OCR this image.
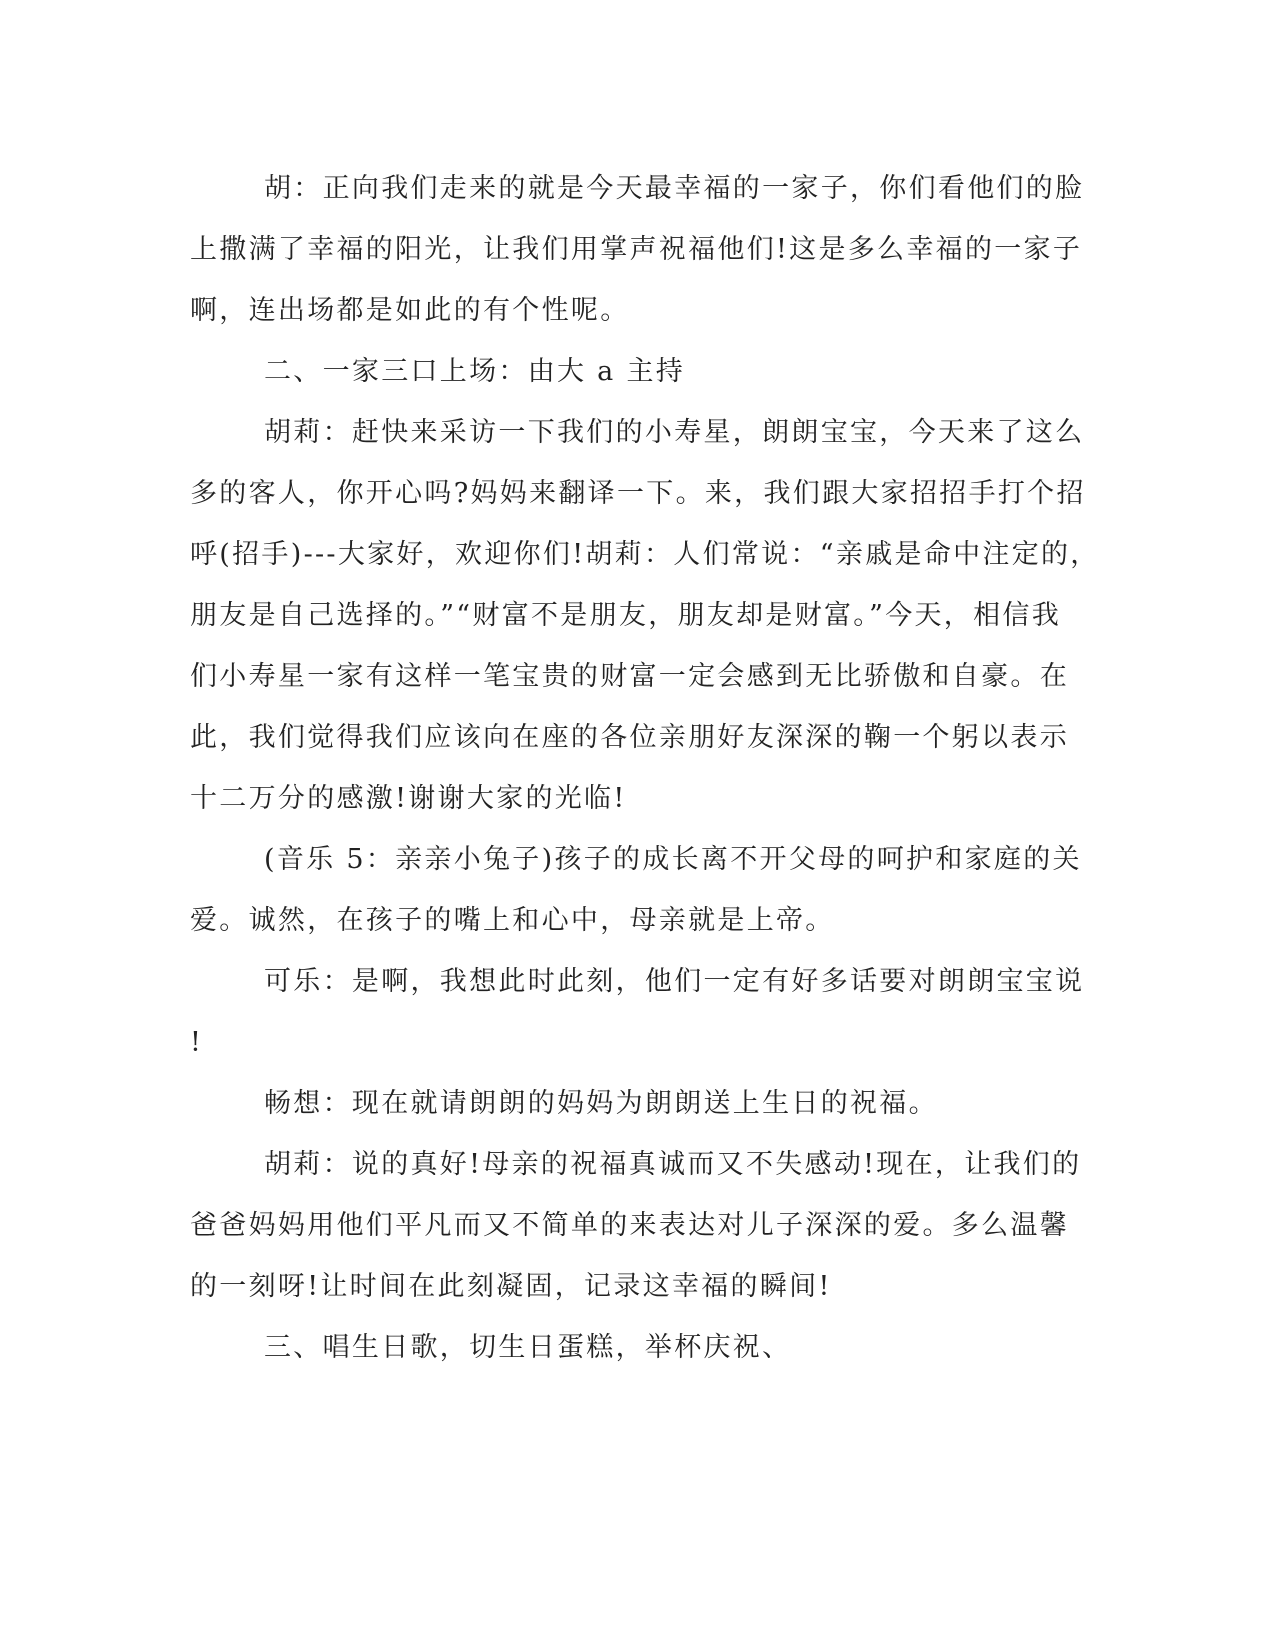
胡：正向我们走来的就是今天最幸福的一家子，你们看他们的脸
上撒满了幸福的阳光，让我们用掌声祝福他们!这是多么幸福的一家子
啊，连出场都是如此的有个性呢。
二、一家三口上场：由大 a 主持
胡莉：赶快来采访一下我们的小寿星，朗朗宝宝，今天来了这么
多的客人，你开心吗?妈妈来翻译一下。来，我们跟大家招招手打个招
呼(招手)---大家好，欢迎你们!胡莉：人们常说：“亲戚是命中注定的，
朋友是自己选择的。”“财富不是朋友，朋友却是财富。”今天，相信我
们小寿星一家有这样一笔宝贵的财富一定会感到无比骄傲和自豪。在
此，我们觉得我们应该向在座的各位亲朋好友深深的鞠一个躬以表示
十二万分的感激!谢谢大家的光临!
(音乐 5：亲亲小兔子)孩子的成长离不开父母的呵护和家庭的关
爱。诚然，在孩子的嘴上和心中，母亲就是上帝。
可乐：是啊，我想此时此刻，他们一定有好多话要对朗朗宝宝说
!
畅想：现在就请朗朗的妈妈为朗朗送上生日的祝福。
胡莉：说的真好!母亲的祝福真诚而又不失感动!现在，让我们的
爸爸妈妈用他们平凡而又不简单的来表达对儿子深深的爱。多么温馨
的一刻呀!让时间在此刻凝固，记录这幸福的瞬间!
三、唱生日歌，切生日蛋糕，举杯庆祝、
